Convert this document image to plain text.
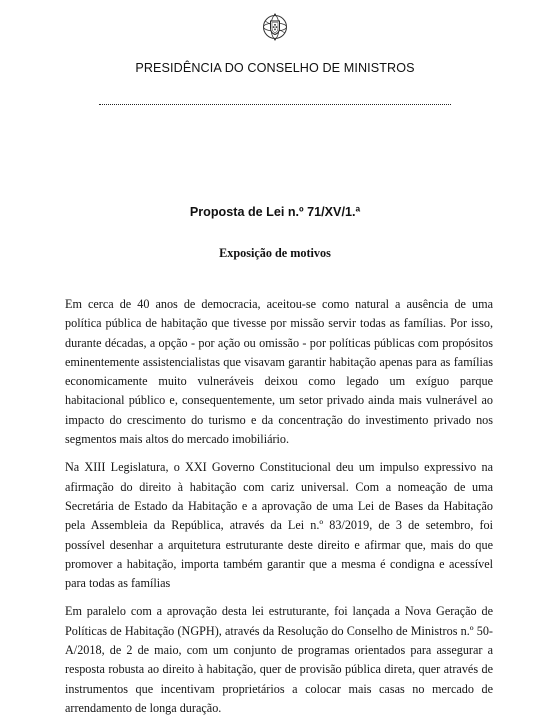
PRESIDÊNCIA DO CONSELHO DE MINISTROS
Proposta de Lei n.º 71/XV/1.ª
Exposição de motivos

Em cerca de 40 anos de democracia, aceitou-se como natural a ausência de uma política pública de habitação que tivesse por missão servir todas as famílias. Por isso, durante décadas, a opção - por ação ou omissão - por políticas públicas com propósitos eminentemente assistencialistas que visavam garantir habitação apenas para as famílias economicamente muito vulneráveis deixou como legado um exíguo parque habitacional público e, consequentemente, um setor privado ainda mais vulnerável ao impacto do crescimento do turismo e da concentração do investimento privado nos segmentos mais altos do mercado imobiliário.

Na XIII Legislatura, o XXI Governo Constitucional deu um impulso expressivo na afirmação do direito à habitação com cariz universal. Com a nomeação de uma Secretária de Estado da Habitação e a aprovação de uma Lei de Bases da Habitação pela Assembleia da República, através da Lei n.º 83/2019, de 3 de setembro, foi possível desenhar a arquitetura estruturante deste direito e afirmar que, mais do que promover a habitação, importa também garantir que a mesma é condigna e acessível para todas as famílias

Em paralelo com a aprovação desta lei estruturante, foi lançada a Nova Geração de Políticas de Habitação (NGPH), através da Resolução do Conselho de Ministros n.º 50-A/2018, de 2 de maio, com um conjunto de programas orientados para assegurar a resposta robusta ao direito à habitação, quer de provisão pública direta, quer através de instrumentos que incentivam proprietários a colocar mais casas no mercado de arrendamento de longa duração.
